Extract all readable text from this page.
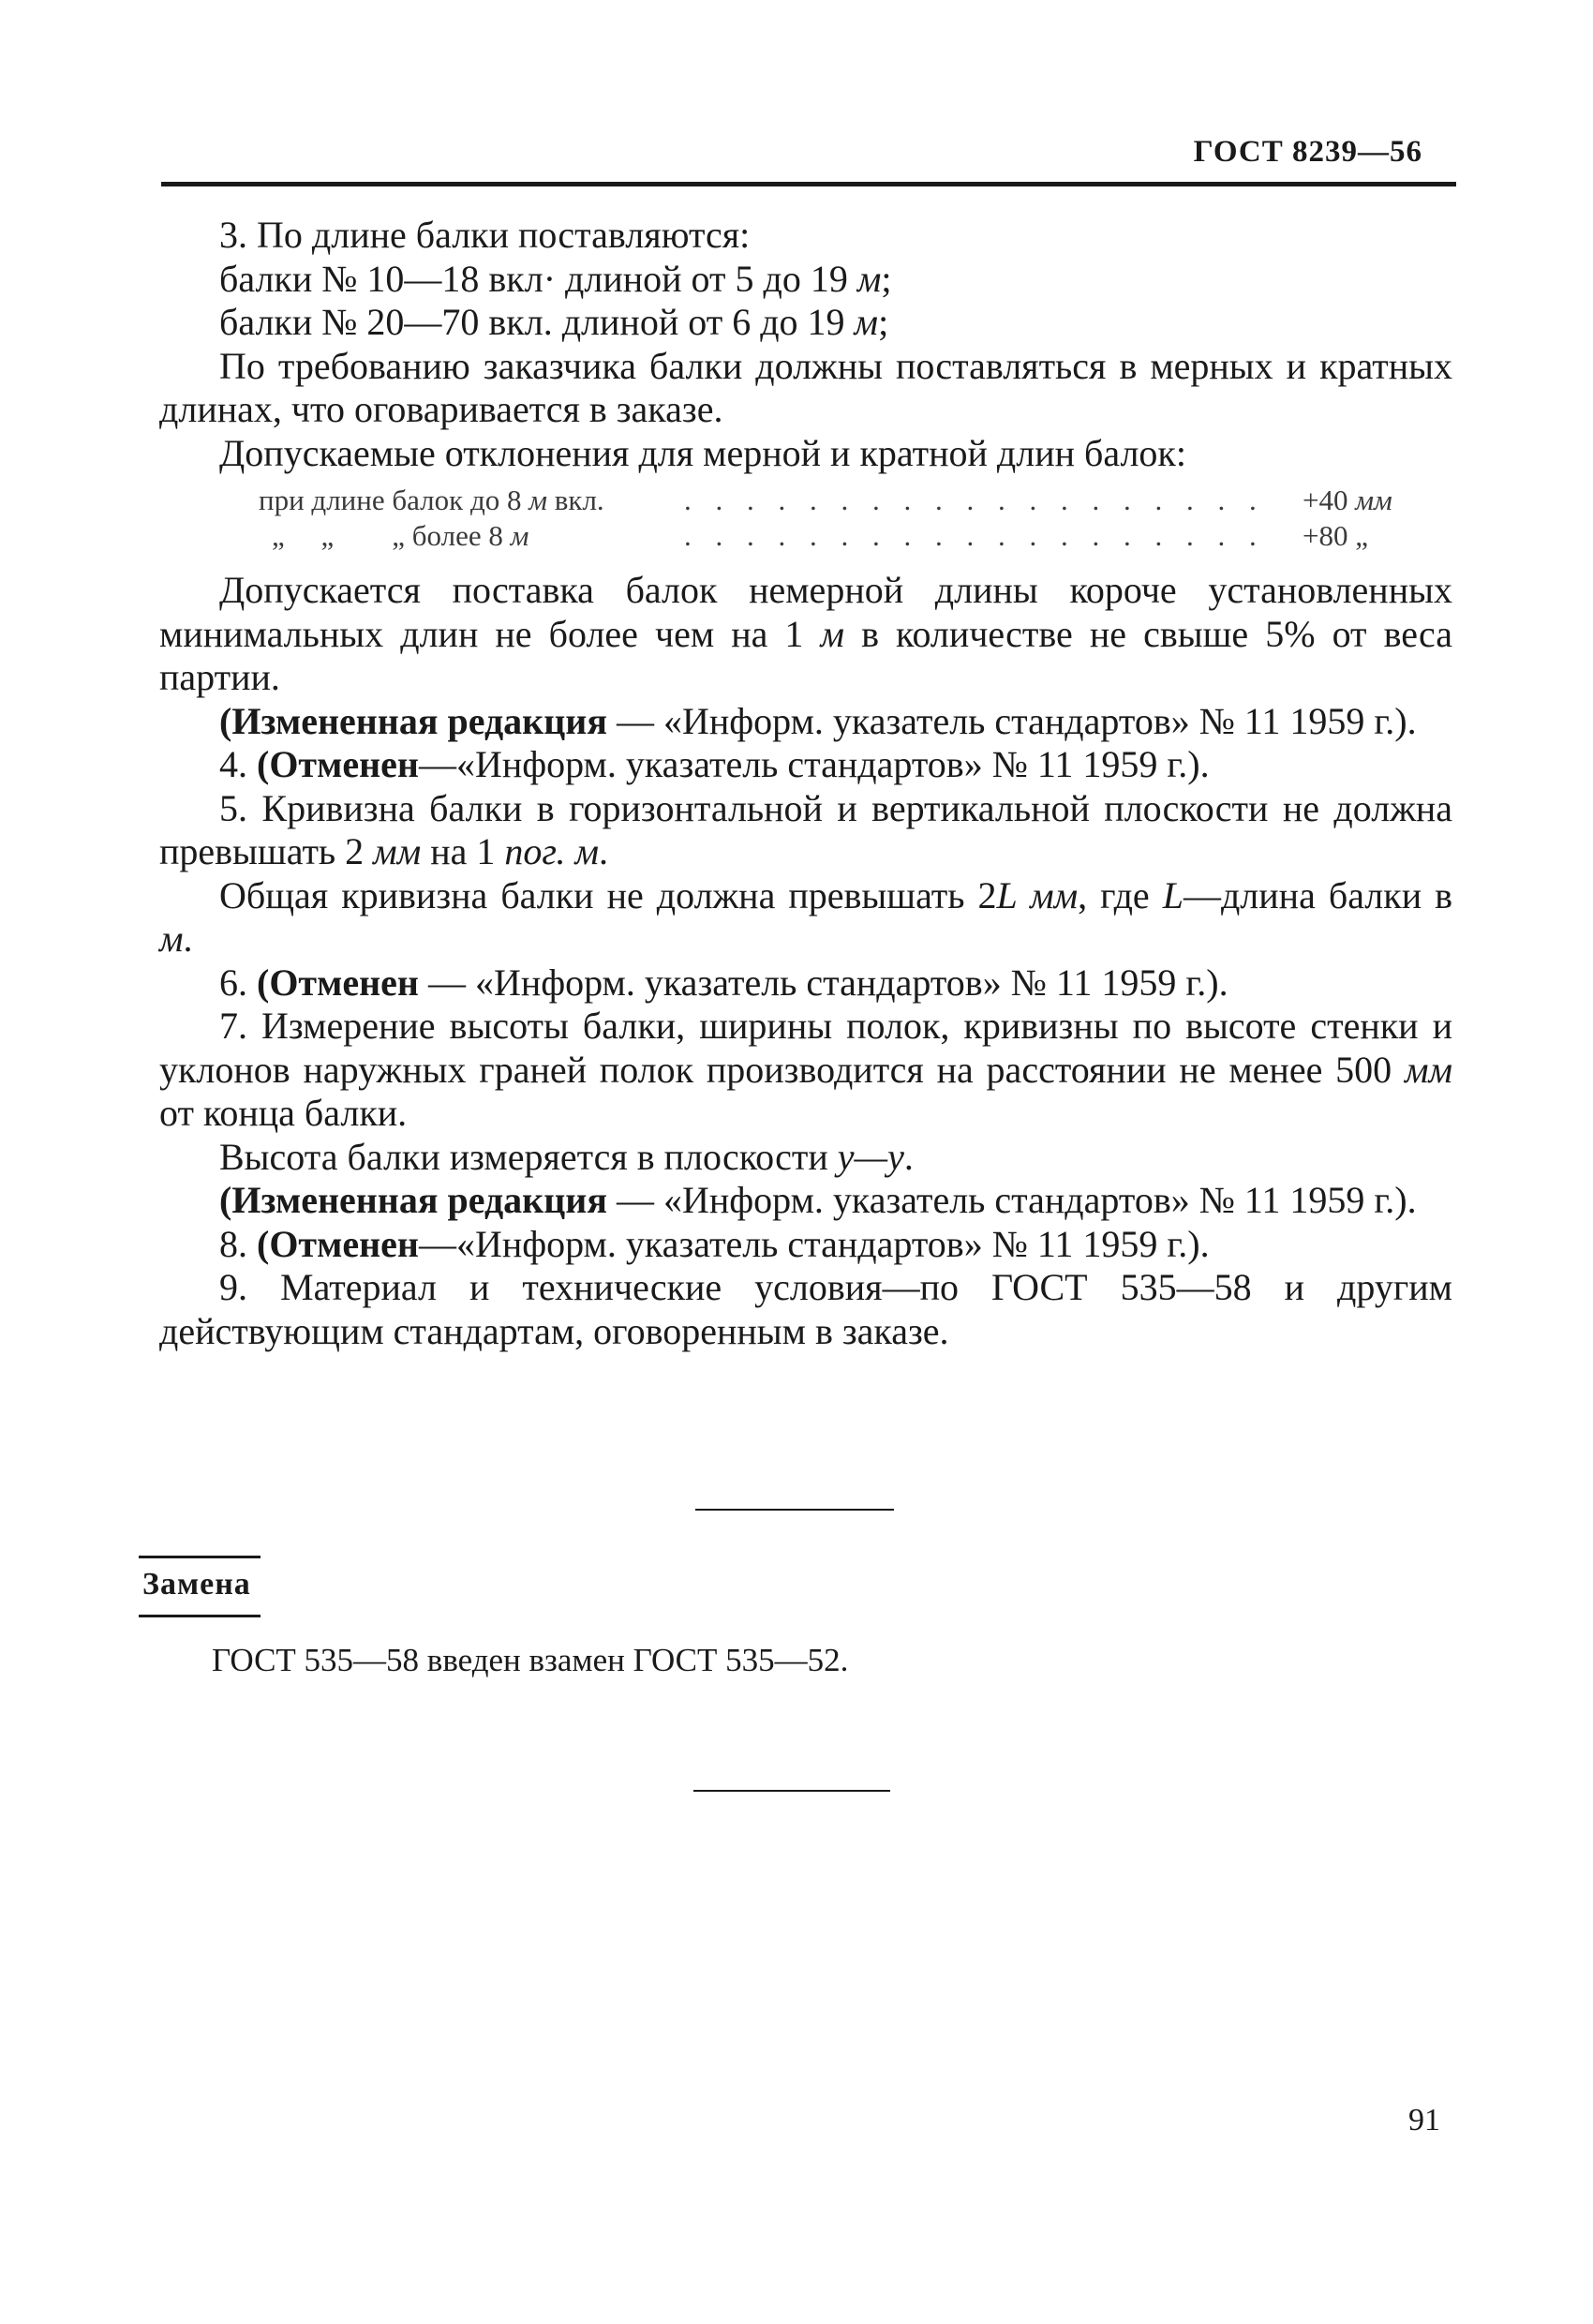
ГОСТ 8239—56

3. По длине балки поставляются:

балки № 10—18 вкл· длиной от 5 до 19 м;

балки № 20—70 вкл. длиной от 6 до 19 м;

По требованию заказчика балки должны поставляться в мерных и кратных длинах, что оговаривается в заказе.

Допускаемые отклонения для мерной и кратной длин балок:

при длине балок до 8 м вкл.	. . . . . . . . . . . . . . . . . . .	+40 мм
„     „        „ более 8 м	. . . . . . . . . . . . . . . . . . .	+80 „

Допускается поставка балок немерной длины короче установленных минимальных длин не более чем на 1 м в количестве не свыше 5% от веса партии.

(Измененная редакция — «Информ. указатель стандартов» № 11 1959 г.).

4. (Отменен—«Информ. указатель стандартов» № 11 1959 г.).

5. Кривизна балки в горизонтальной и вертикальной плоскости не должна превышать 2 мм на 1 пог. м.

Общая кривизна балки не должна превышать 2L мм, где L—длина балки в м.

6. (Отменен — «Информ. указатель стандартов» № 11 1959 г.).

7. Измерение высоты балки, ширины полок, кривизны по высоте стенки и уклонов наружных граней полок производится на расстоянии не менее 500 мм от конца балки.

Высота балки измеряется в плоскости y—y.

(Измененная редакция — «Информ. указатель стандартов» № 11 1959 г.).

8. (Отменен—«Информ. указатель стандартов» № 11 1959 г.).

9. Материал и технические условия—по ГОСТ 535—58 и другим действующим стандартам, оговоренным в заказе.

Замена
ГОСТ 535—58 введен взамен ГОСТ 535—52.
91
